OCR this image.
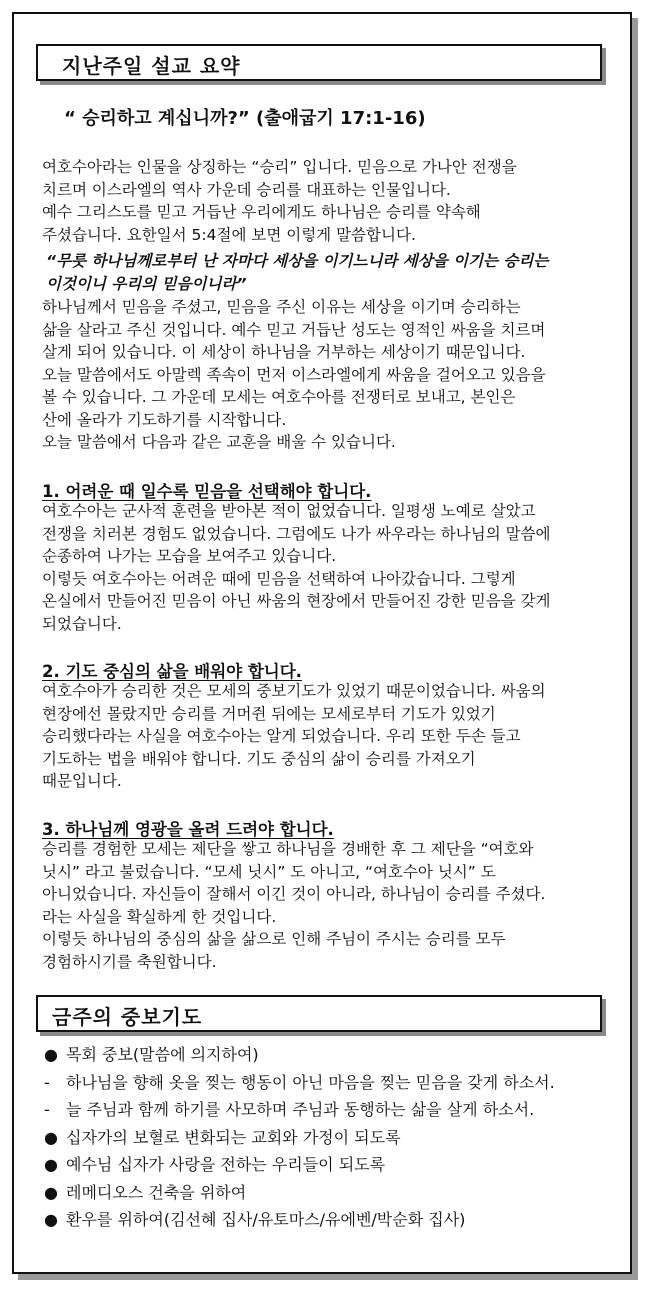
지난주일 설교 요약
“ 승리하고 계십니까?” (출애굽기 17:1-16)
여호수아라는 인물을 상징하는 “승리” 입니다. 믿음으로 가나안 전쟁을
치르며 이스라엘의 역사 가운데 승리를 대표하는 인물입니다.
예수 그리스도를 믿고 거듭난 우리에게도 하나님은 승리를 약속해
주셨습니다. 요한일서 5:4절에 보면 이렇게 말씀합니다.
“무릇 하나님께로부터 난 자마다 세상을 이기느니라 세상을 이기는 승리는
이것이니 우리의 믿음이니라”
하나님께서 믿음을 주셨고, 믿음을 주신 이유는 세상을 이기며 승리하는
삶을 살라고 주신 것입니다. 예수 믿고 거듭난 성도는 영적인 싸움을 치르며
살게 되어 있습니다. 이 세상이 하나님을 거부하는 세상이기 때문입니다.
오늘 말씀에서도 아말렉 족속이 먼저 이스라엘에게 싸움을 걸어오고 있음을
볼 수 있습니다. 그 가운데 모세는 여호수아를 전쟁터로 보내고, 본인은
산에 올라가 기도하기를 시작합니다.
오늘 말씀에서 다음과 같은 교훈을 배울 수 있습니다.
1. 어려운 때 일수록 믿음을 선택해야 합니다.
여호수아는 군사적 훈련을 받아본 적이 없었습니다. 일평생 노예로 살았고
전쟁을 치러본 경험도 없었습니다. 그럼에도 나가 싸우라는 하나님의 말씀에
순종하여 나가는 모습을 보여주고 있습니다.
이렇듯 여호수아는 어려운 때에 믿음을 선택하여 나아갔습니다. 그렇게
온실에서 만들어진 믿음이 아닌 싸움의 현장에서 만들어진 강한 믿음을 갖게
되었습니다.
2. 기도 중심의 삶을 배워야 합니다.
여호수아가 승리한 것은 모세의 중보기도가 있었기 때문이었습니다. 싸움의
현장에선 몰랐지만 승리를 거머쥔 뒤에는 모세로부터 기도가 있었기
승리했다라는 사실을 여호수아는 알게 되었습니다. 우리 또한 두손 들고
기도하는 법을 배워야 합니다. 기도 중심의 삶이 승리를 가져오기
때문입니다.
3. 하나님께 영광을 올려 드려야 합니다.
승리를 경험한 모세는 제단을 쌓고 하나님을 경배한 후 그 제단을 “여호와
닛시” 라고 불렀습니다. “모세 닛시” 도 아니고, “여호수아 닛시” 도
아니었습니다. 자신들이 잘해서 이긴 것이 아니라, 하나님이 승리를 주셨다.
라는 사실을 확실하게 한 것입니다.
이렇듯 하나님의 중심의 삶을 삶으로 인해 주님이 주시는 승리를 모두
경험하시기를 축원합니다.
금주의 중보기도
● 목회 중보(말씀에 의지하여)
- 하나님을 향해 옷을 찢는 행동이 아닌 마음을 찢는 믿음을 갖게 하소서.
- 늘 주님과 함께 하기를 사모하며 주님과 동행하는 삶을 살게 하소서.
● 십자가의 보혈로 변화되는 교회와 가정이 되도록
● 예수님 십자가 사랑을 전하는 우리들이 되도록
● 레메디오스 건축을 위하여
● 환우를 위하여(김선혜 집사/유토마스/유에벤/박순화 집사)
